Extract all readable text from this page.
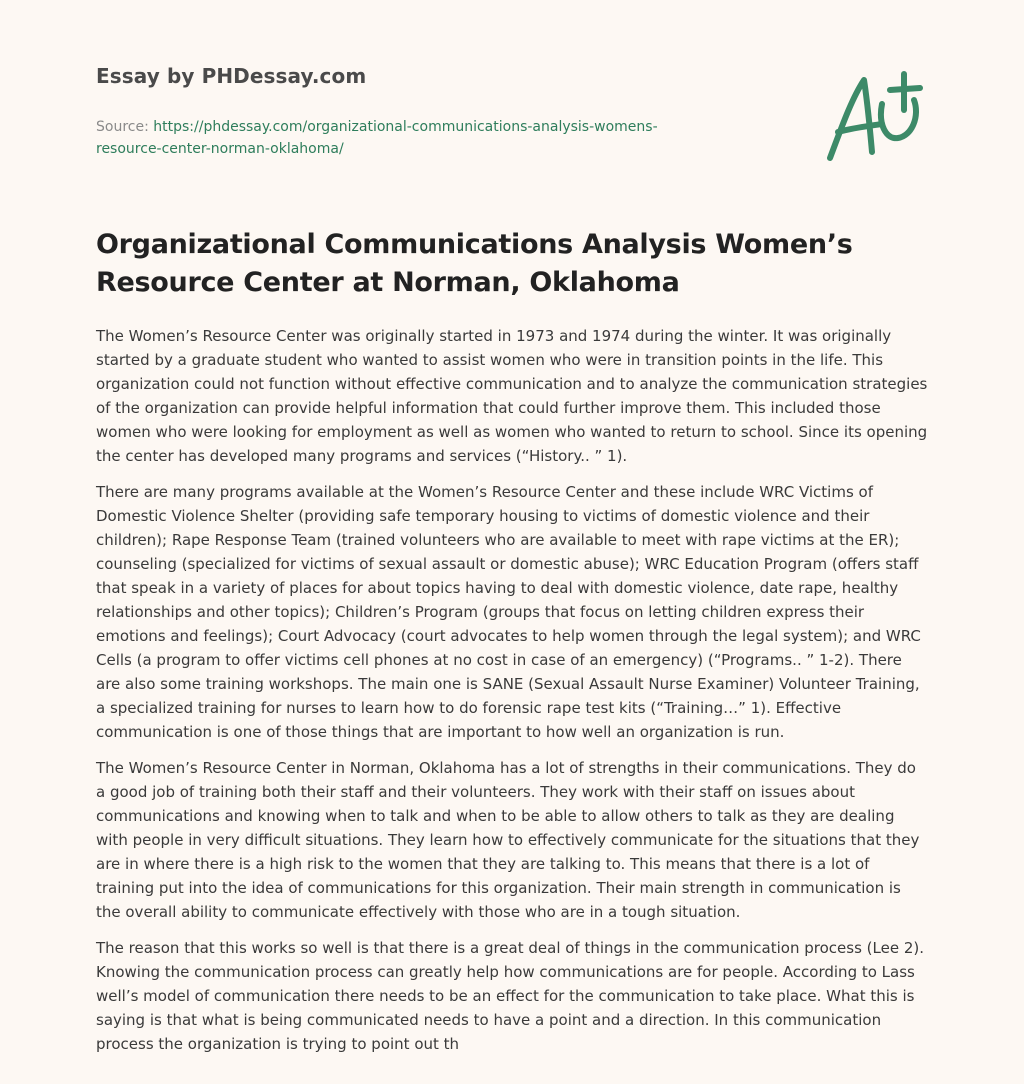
Essay by PHDessay.com
Source: https://phdessay.com/organizational-communications-analysis-womens-
resource-center-norman-oklahoma/
Organizational Communications Analysis Women’s Resource Center at Norman, Oklahoma

The Women’s Resource Center was originally started in 1973 and 1974 during the winter. It was originally started by a graduate student who wanted to assist women who were in transition points in the life. This organization could not function without effective communication and to analyze the communication strategies of the organization can provide helpful information that could further improve them. This included those women who were looking for employment as well as women who wanted to return to school. Since its opening the center has developed many programs and services (“History.. ” 1).

There are many programs available at the Women’s Resource Center and these include WRC Victims of Domestic Violence Shelter (providing safe temporary housing to victims of domestic violence and their children); Rape Response Team (trained volunteers who are available to meet with rape victims at the ER); counseling (specialized for victims of sexual assault or domestic abuse); WRC Education Program (offers staff that speak in a variety of places for about topics having to deal with domestic violence, date rape, healthy relationships and other topics); Children’s Program (groups that focus on letting children express their emotions and feelings); Court Advocacy (court advocates to help women through the legal system); and WRC Cells (a program to offer victims cell phones at no cost in case of an emergency) (“Programs.. ” 1-2). There are also some training workshops. The main one is SANE (Sexual Assault Nurse Examiner) Volunteer Training, a specialized training for nurses to learn how to do forensic rape test kits (“Training…” 1). Effective communication is one of those things that are important to how well an organization is run.

The Women’s Resource Center in Norman, Oklahoma has a lot of strengths in their communications. They do a good job of training both their staff and their volunteers. They work with their staff on issues about communications and knowing when to talk and when to be able to allow others to talk as they are dealing with people in very difficult situations. They learn how to effectively communicate for the situations that they are in where there is a high risk to the women that they are talking to. This means that there is a lot of training put into the idea of communications for this organization. Their main strength in communication is the overall ability to communicate effectively with those who are in a tough situation.

The reason that this works so well is that there is a great deal of things in the communication process (Lee 2). Knowing the communication process can greatly help how communications are for people. According to Lass well’s model of communication there needs to be an effect for the communication to take place. What this is saying is that what is being communicated needs to have a point and a direction. In this communication process the organization is trying to point out th
